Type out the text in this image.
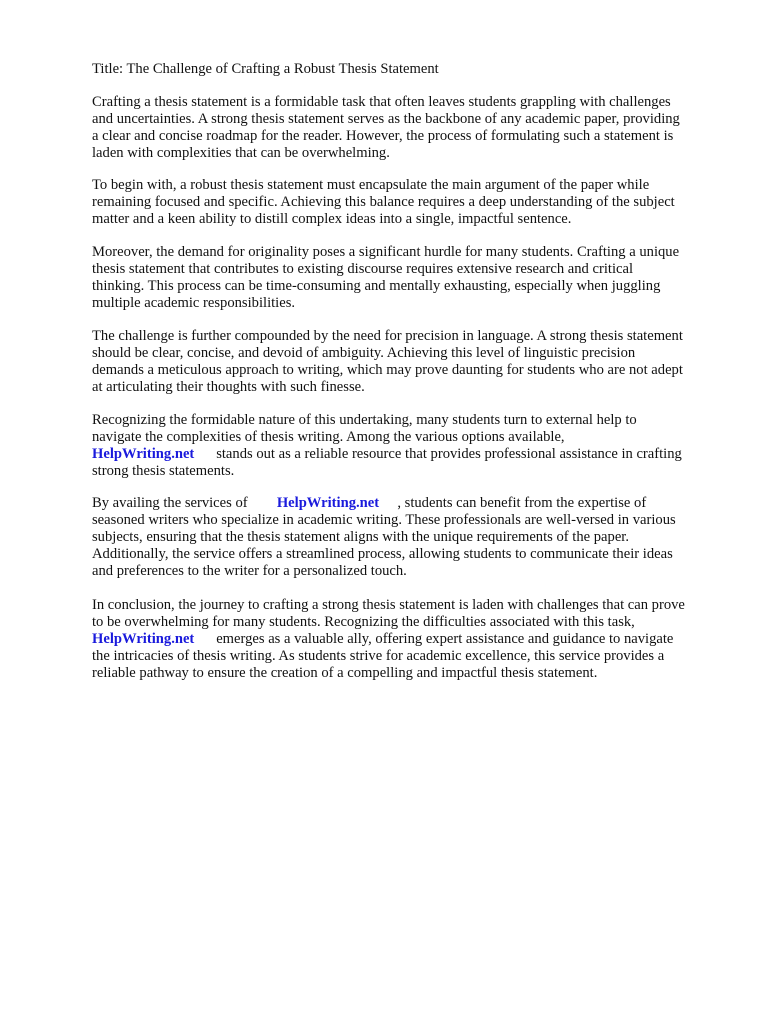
Title: The Challenge of Crafting a Robust Thesis Statement
Crafting a thesis statement is a formidable task that often leaves students grappling with challenges
and uncertainties. A strong thesis statement serves as the backbone of any academic paper, providing
a clear and concise roadmap for the reader. However, the process of formulating such a statement is
laden with complexities that can be overwhelming.
To begin with, a robust thesis statement must encapsulate the main argument of the paper while
remaining focused and specific. Achieving this balance requires a deep understanding of the subject
matter and a keen ability to distill complex ideas into a single, impactful sentence.
Moreover, the demand for originality poses a significant hurdle for many students. Crafting a unique
thesis statement that contributes to existing discourse requires extensive research and critical
thinking. This process can be time-consuming and mentally exhausting, especially when juggling
multiple academic responsibilities.
The challenge is further compounded by the need for precision in language. A strong thesis statement
should be clear, concise, and devoid of ambiguity. Achieving this level of linguistic precision
demands a meticulous approach to writing, which may prove daunting for students who are not adept
at articulating their thoughts with such finesse.
Recognizing the formidable nature of this undertaking, many students turn to external help to
navigate the complexities of thesis writing. Among the various options available,
HelpWriting.net stands out as a reliable resource that provides professional assistance in crafting
strong thesis statements.
By availing the services of HelpWriting.net , students can benefit from the expertise of
seasoned writers who specialize in academic writing. These professionals are well-versed in various
subjects, ensuring that the thesis statement aligns with the unique requirements of the paper.
Additionally, the service offers a streamlined process, allowing students to communicate their ideas
and preferences to the writer for a personalized touch.
In conclusion, the journey to crafting a strong thesis statement is laden with challenges that can prove
to be overwhelming for many students. Recognizing the difficulties associated with this task,
HelpWriting.net emerges as a valuable ally, offering expert assistance and guidance to navigate
the intricacies of thesis writing. As students strive for academic excellence, this service provides a
reliable pathway to ensure the creation of a compelling and impactful thesis statement.
